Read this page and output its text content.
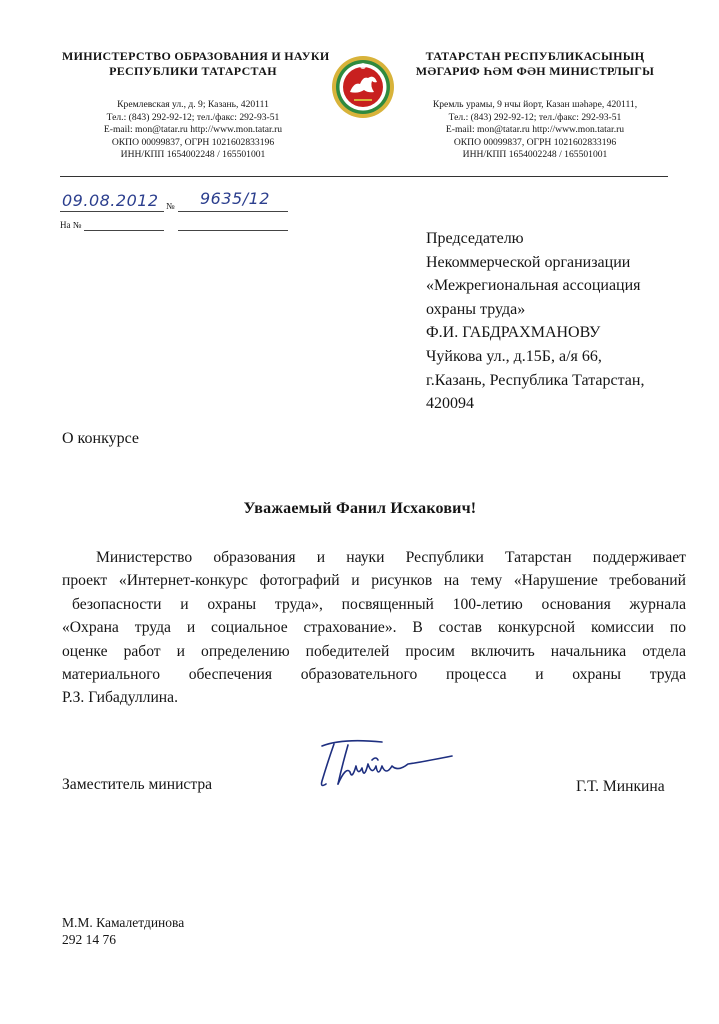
МИНИСТЕРСТВО ОБРАЗОВАНИЯ И НАУКИ
РЕСПУБЛИКИ ТАТАРСТАН
Кремлевская ул., д. 9; Казань, 420111
Тел.: (843) 292-92-12; тел./факс: 292-93-51
E-mail: mon@tatar.ru http://www.mon.tatar.ru
ОКПО 00099837, ОГРН 1021602833196
ИНН/КПП 1654002248 / 165501001
ТАТАРСТАН РЕСПУБЛИКАСЫНЫҢ
МӘГАРИФ ҺӘМ ФӘН МИНИСТРЛЫГЫ
Кремль урамы, 9 нчы йорт, Казан шәһәре, 420111,
Тел.: (843) 292-92-12; тел./факс: 292-93-51
E-mail: mon@tatar.ru http://www.mon.tatar.ru
ОКПО 00099837, ОГРН 1021602833196
ИНН/КПП 1654002248 / 165501001
09.08.2012 № 9635/12
На №
Председателю
Некоммерческой организации
«Межрегиональная ассоциация
охраны труда»
Ф.И. ГАБДРАХМАНОВУ
Чуйкова ул., д.15Б, а/я 66,
г.Казань, Республика Татарстан,
420094
О конкурсе
Уважаемый Фанил Исхакович!
Министерство образования и науки Республики Татарстан поддерживает
проект «Интернет-конкурс фотографий и рисунков на тему «Нарушение требований
безопасности и охраны труда», посвященный 100-летию основания журнала
«Охрана труда и социальное страхование». В состав конкурсной комиссии по
оценке работ и определению победителей просим включить начальника отдела
материального обеспечения образовательного процесса и охраны труда
Р.З. Гибадуллина.
Заместитель министра	Г.Т. Минкина
М.М. Камалетдинова
292 14 76
